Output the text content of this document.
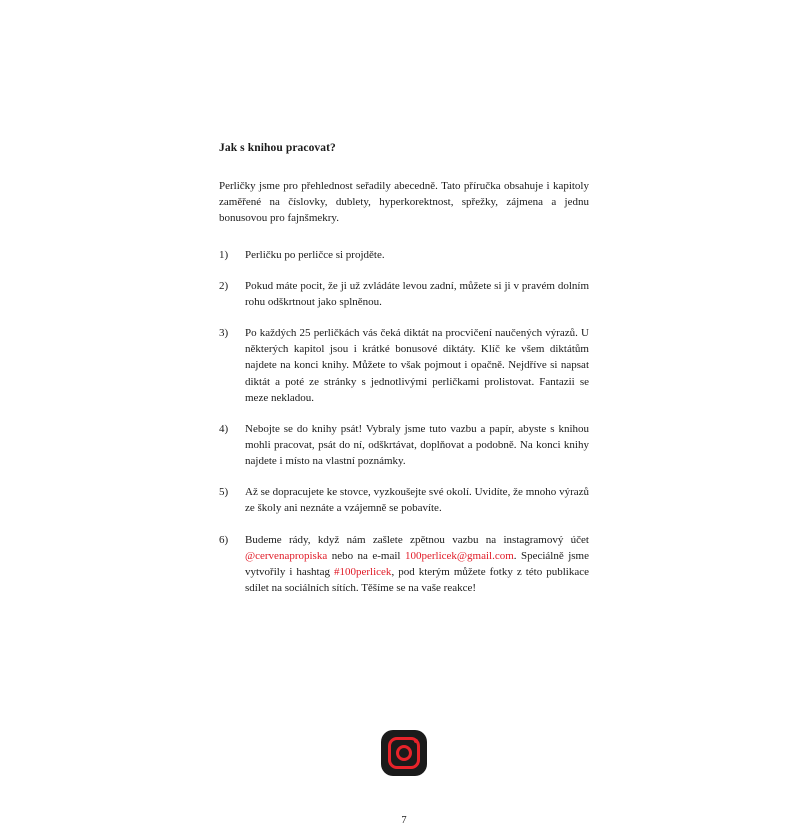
Jak s knihou pracovat?

Perličky jsme pro přehlednost seřadily abecedně. Tato příručka obsahuje i kapitoly zaměřené na číslovky, dublety, hyperkorektnost, spřežky, zájmena a jednu bonusovou pro fajnšmekry.

1)	Perličku po perličce si projděte.
2)	Pokud máte pocit, že ji už zvládáte levou zadní, můžete si ji v pravém dolním rohu odškrtnout jako splněnou.
3)	Po každých 25 perličkách vás čeká diktát na procvičení naučených výrazů. U některých kapitol jsou i krátké bonusové diktáty. Klíč ke všem diktátům najdete na konci knihy. Můžete to však pojmout i opačně. Nejdříve si napsat diktát a poté ze stránky s jednotlivými perličkami prolistovat. Fantazii se meze nekladou.
4)	Nebojte se do knihy psát! Vybraly jsme tuto vazbu a papír, abyste s knihou mohli pracovat, psát do ní, odškrtávat, doplňovat a podobně. Na konci knihy najdete i místo na vlastní poznámky.
5)	Až se dopracujete ke stovce, vyzkoušejte své okolí. Uvidíte, že mnoho výrazů ze školy ani neznáte a vzájemně se pobavíte.
6)	Budeme rády, když nám zašlete zpětnou vazbu na instagramový účet @cervenapropiska nebo na e-mail 100perlicek@gmail.com. Speciálně jsme vytvořily i hashtag #100perlicek, pod kterým můžete fotky z této publikace sdílet na sociálních sítích. Těšíme se na vaše reakce!
7
